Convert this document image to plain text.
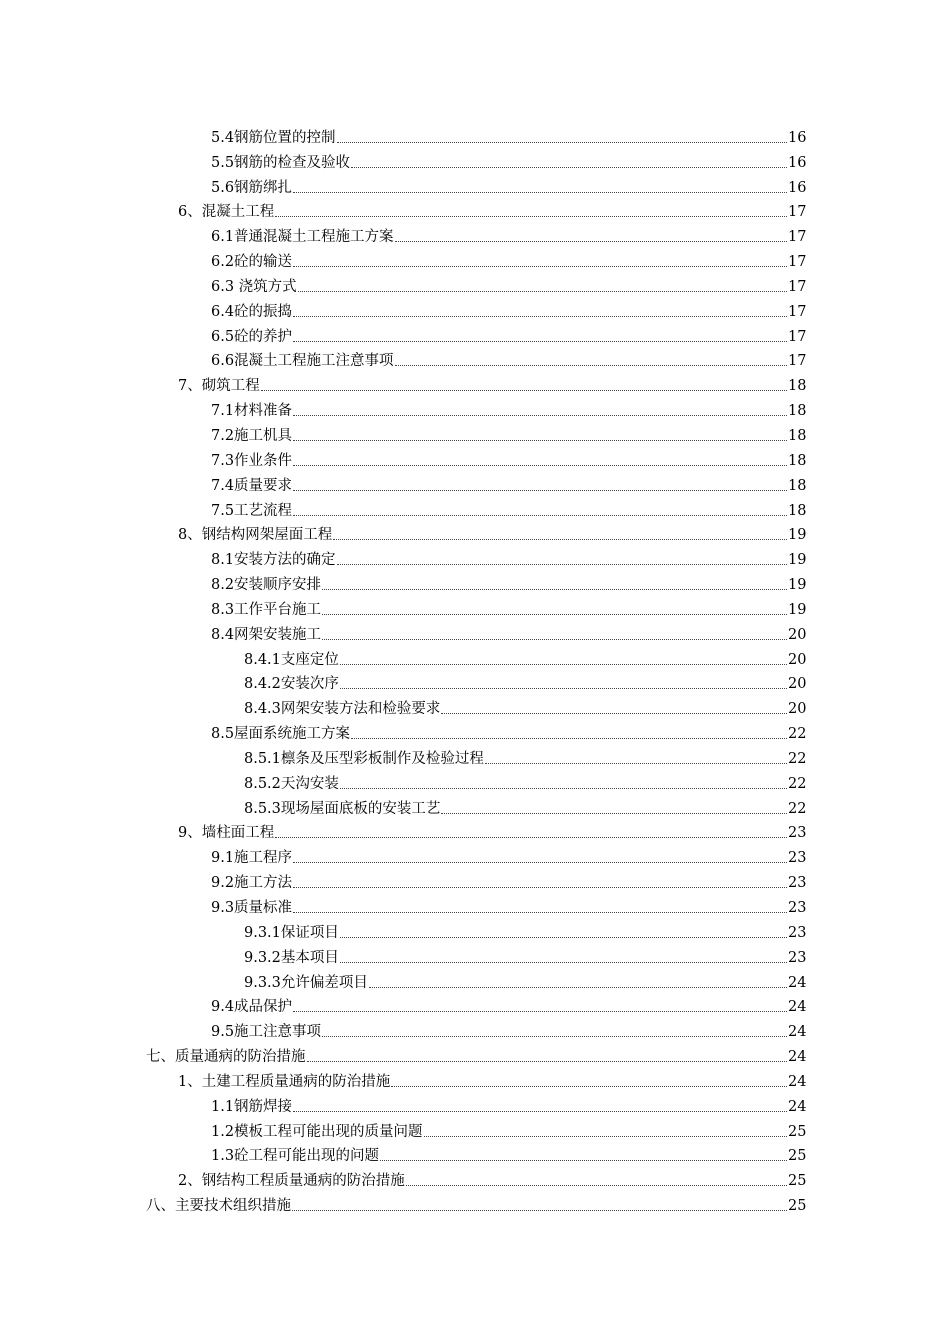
5.4钢筋位置的控制	16
5.5钢筋的检查及验收	16
5.6钢筋绑扎	16
6、混凝土工程	17
6.1普通混凝土工程施工方案	17
6.2砼的输送	17
6.3 浇筑方式	17
6.4砼的振捣	17
6.5砼的养护	17
6.6混凝土工程施工注意事项	17
7、砌筑工程	18
7.1材料准备	18
7.2施工机具	18
7.3作业条件	18
7.4质量要求	18
7.5工艺流程	18
8、钢结构网架屋面工程	19
8.1安装方法的确定	19
8.2安装顺序安排	19
8.3工作平台施工	19
8.4网架安装施工	20
8.4.1支座定位	20
8.4.2安装次序	20
8.4.3网架安装方法和检验要求	20
8.5屋面系统施工方案	22
8.5.1檩条及压型彩板制作及检验过程	22
8.5.2天沟安装	22
8.5.3现场屋面底板的安装工艺	22
9、墙柱面工程	23
9.1施工程序	23
9.2施工方法	23
9.3质量标准	23
9.3.1保证项目	23
9.3.2基本项目	23
9.3.3允许偏差项目	24
9.4成品保护	24
9.5施工注意事项	24
七、质量通病的防治措施	24
1、土建工程质量通病的防治措施	24
1.1钢筋焊接	24
1.2模板工程可能出现的质量问题	25
1.3砼工程可能出现的问题	25
2、钢结构工程质量通病的防治措施	25
八、主要技术组织措施	25
